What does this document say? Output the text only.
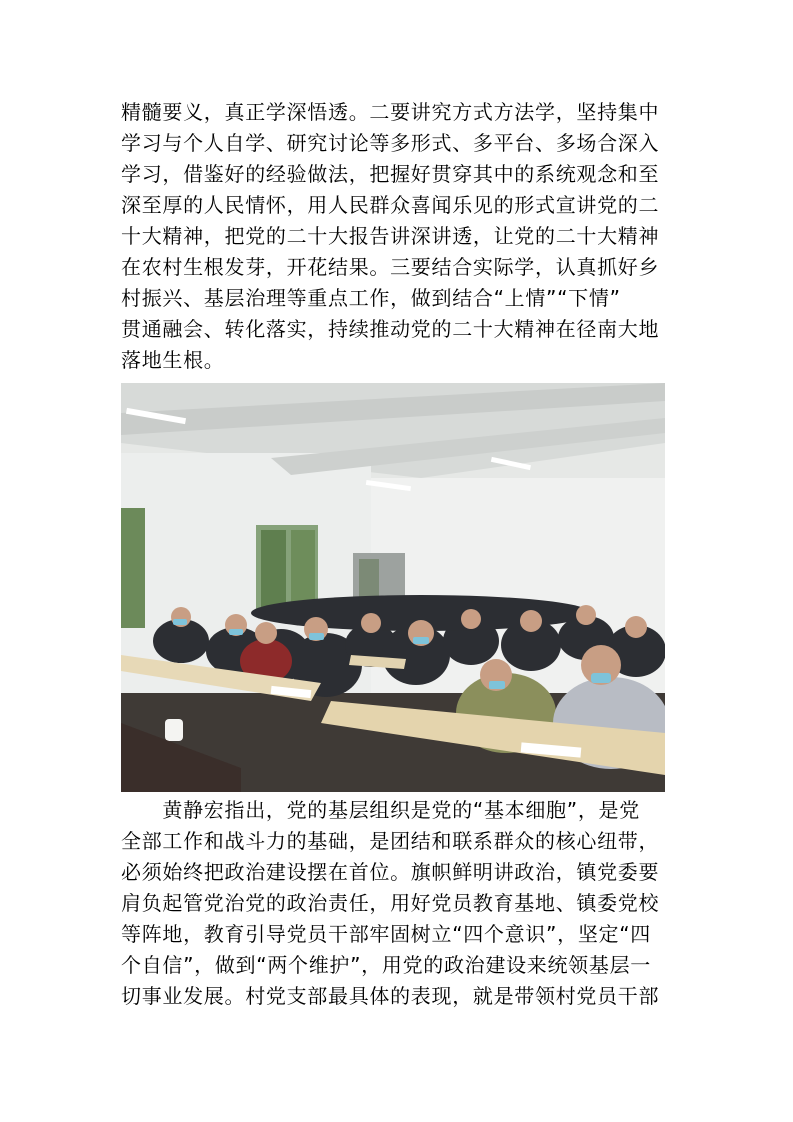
精髓要义，真正学深悟透。二要讲究方式方法学，坚持集中
学习与个人自学、研究讨论等多形式、多平台、多场合深入
学习，借鉴好的经验做法，把握好贯穿其中的系统观念和至
深至厚的人民情怀，用人民群众喜闻乐见的形式宣讲党的二
十大精神，把党的二十大报告讲深讲透，让党的二十大精神
在农村生根发芽，开花结果。三要结合实际学，认真抓好乡
村振兴、基层治理等重点工作，做到结合“上情”“下情”
贯通融会、转化落实，持续推动党的二十大精神在径南大地
落地生根。
　　黄静宏指出，党的基层组织是党的“基本细胞”，是党
全部工作和战斗力的基础，是团结和联系群众的核心纽带，
必须始终把政治建设摆在首位。旗帜鲜明讲政治，镇党委要
肩负起管党治党的政治责任，用好党员教育基地、镇委党校
等阵地，教育引导党员干部牢固树立“四个意识”，坚定“四
个自信”，做到“两个维护”，用党的政治建设来统领基层一
切事业发展。村党支部最具体的表现，就是带领村党员干部
